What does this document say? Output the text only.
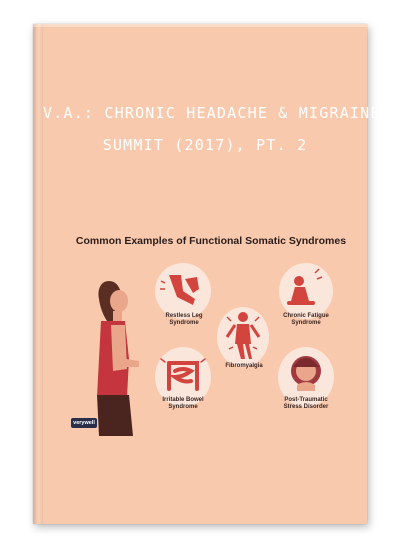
V.A.: CHRONIC HEADACHE & MIGRAINE
SUMMIT (2017), PT. 2
Common Examples of Functional Somatic Syndromes
Restless Leg Syndrome
Chronic Fatigue Syndrome
Fibromyalgia
Irritable Bowel Syndrome
Post-Traumatic Stress Disorder
verywell
